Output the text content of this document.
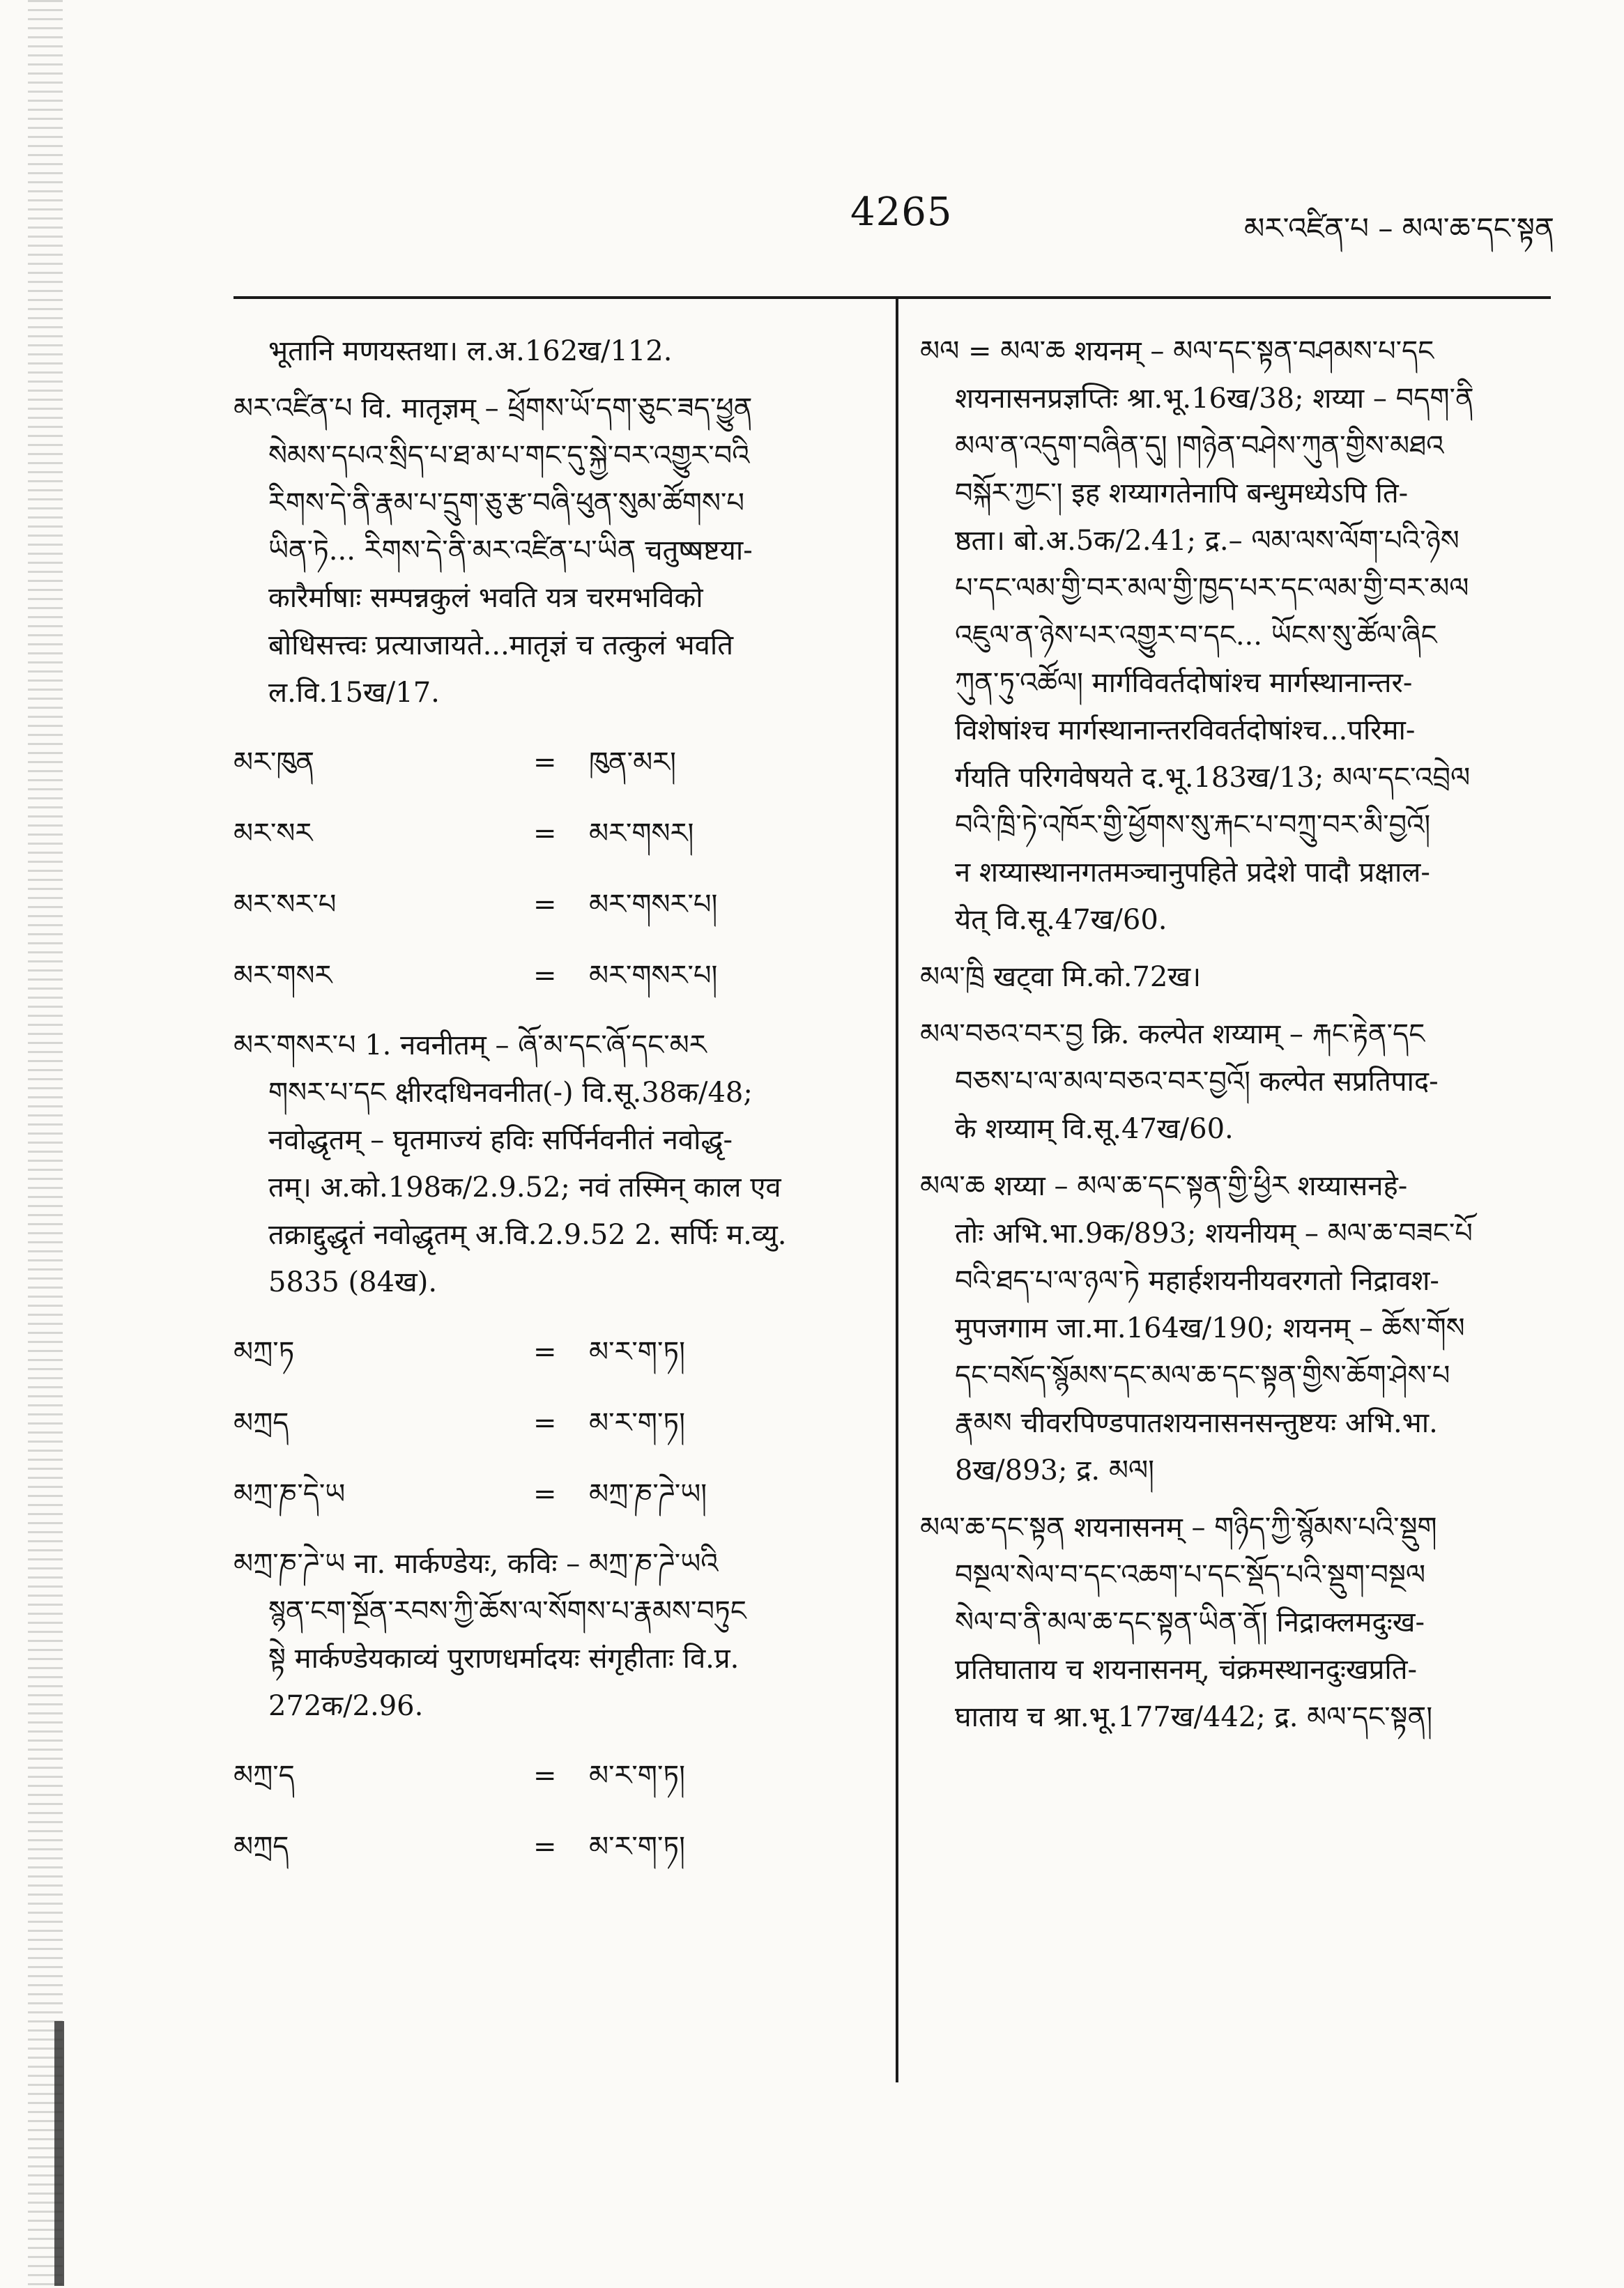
4265	མར་འཛིན་པ – མལ་ཆ་དང་སྟན
भूतानि मणयस्तथा। ल.अ.162ख/112.
མར་འཛིན་པ वि. मातृज्ञम् – ཕྲོགས་ཡོ་དག་ཅུང་ཟད་ཕྱུན
སེམས་དཔའ་སྲིད་པ་ཐ་མ་པ་གང་དུ་སྐྱེ་བར་འགྱུར་བའི
རིགས་དེ་ནི་རྣམ་པ་དྲུག་ཅུ་རྩ་བཞི་ཕུན་སུམ་ཚོགས་པ
ཡིན་ཏེ... རིགས་དེ་ནི་མར་འཛིན་པ་ཡིན चतुष्षष्टया-
कारैर्माषाः सम्पन्नकुलं भवति यत्र चरमभविको
बोधिसत्त्वः प्रत्याजायते...मातृज्ञं च तत्कुलं भवति
ल.वि.15ख/17.
མར་ཁུན	=	ཁུན་མར།
མར་སར	=	མར་གསར།
མར་སར་པ	=	མར་གསར་པ།
མར་གསར	=	མར་གསར་པ།
མར་གསར་པ 1. नवनीतम् – ཞོ་མ་དང་ཞོ་དང་མར
གསར་པ་དང क्षीरदधिनवनीत(-) वि.सू.38क/48;
नवोद्धृतम् – घृतमाज्यं हविः सर्पिर्नवनीतं नवोद्धृ-
तम्। अ.को.198क/2.9.52; नवं तस्मिन् काल एव
तक्राद्दुद्धृतं नवोद्धृतम् अ.वि.2.9.52 2. सर्पिः म.व्यु.
5835 (84ख).
མཀྲ་ཏ	=	མ་ར་ག་ཏ།
མཀྲད	=	མ་ར་ག་ཏ།
མཀྲ་ཎ་དེ་ཡ	=	མཀྲ་ཎ་ཌེ་ཡ།
མཀྲ་ཎ་ཌེ་ཡ ना. मार्कण्डेयः, कविः – མཀྲ་ཎ་ཌེ་ཡའི
སྙན་ངག་སྔོན་རབས་ཀྱི་ཆོས་ལ་སོགས་པ་རྣམས་བཏུང
སྟེ मार्कण्डेयकाव्यं पुराणधर्मादयः संगृहीताः वि.प्र.
272क/2.96.
མཀྲ་ད	=	མ་ར་ག་ཏ།
མཀྲད	=	མ་ར་ག་ཏ།
མལ = མལ་ཆ शयनम् – མལ་དང་སྟན་བཤམས་པ་དང
शयनासनप्रज्ञप्तिः श्रा.भू.16ख/38; शय्या – བདག་ནི
མལ་ན་འདུག་བཞིན་དུ། །གཉེན་བཤེས་ཀུན་གྱིས་མཐའ
བསྐོར་ཀྱང་། इह शय्यागतेनापि बन्धुमध्येऽपि ति-
ष्ठता। बो.अ.5क/2.41; द्र.– ལམ་ལས་ལོག་པའི་ཉེས
པ་དང་ལམ་གྱི་བར་མལ་གྱི་ཁྱད་པར་དང་ལམ་གྱི་བར་མལ
འཇུལ་ན་ཉེས་པར་འགྱུར་བ་དང... ཡོངས་སུ་ཚོལ་ཞིང
ཀུན་ཏུ་འཚོལ། मार्गविवर्तदोषांश्च मार्गस्थानान्तर-
विशेषांश्च मार्गस्थानान्तरविवर्तदोषांश्च...परिमा-
र्गयति परिगवेषयते द.भू.183ख/13; མལ་དང་འབྲེལ
བའི་ཁྲི་ཏེ་འཁོར་གྱི་ཕྱོགས་སུ་རྐང་པ་བཀྲུ་བར་མི་བྱའོ།
न शय्यास्थानगतमञ्चानुपहिते प्रदेशे पादौ प्रक्षाल-
येत् वि.सू.47ख/60.
མལ་ཁྲི खट्वा मि.को.72ख।
མལ་བཅའ་བར་བྱ क्रि. कल्पेत शय्याम् – རྐང་རྟེན་དང
བཅས་པ་ལ་མལ་བཅའ་བར་བྱའོ། कल्पेत सप्रतिपाद-
के शय्याम् वि.सू.47ख/60.
མལ་ཆ शय्या – མལ་ཆ་དང་སྟན་གྱི་ཕྱིར शय्यासनहे-
तोः अभि.भा.9क/893; शयनीयम् – མལ་ཆ་བཟང་པོ
བའི་ཐད་པ་ལ་ཉལ་ཏེ महार्हशयनीयवरगतो निद्रावश-
मुपजगाम जा.मा.164ख/190; शयनम् – ཆོས་གོས
དང་བསོད་སྙོམས་དང་མལ་ཆ་དང་སྟན་གྱིས་ཆོག་ཤེས་པ
རྣམས चीवरपिण्डपातशयनासनसन्तुष्टयः अभि.भा.
8ख/893; द्र. མལ།
མལ་ཆ་དང་སྟན शयनासनम् – གཉིད་ཀྱི་སྙོམས་པའི་སྡུག
བསྔལ་སེལ་བ་དང་འཆག་པ་དང་སྡོད་པའི་སྡུག་བསྔལ
སེལ་བ་ནི་མལ་ཆ་དང་སྟན་ཡིན་ནོ། निद्राक्लमदुःख-
प्रतिघाताय च शयनासनम्, चंक्रमस्थानदुःखप्रति-
घाताय च श्रा.भू.177ख/442; द्र. མལ་དང་སྟན།
